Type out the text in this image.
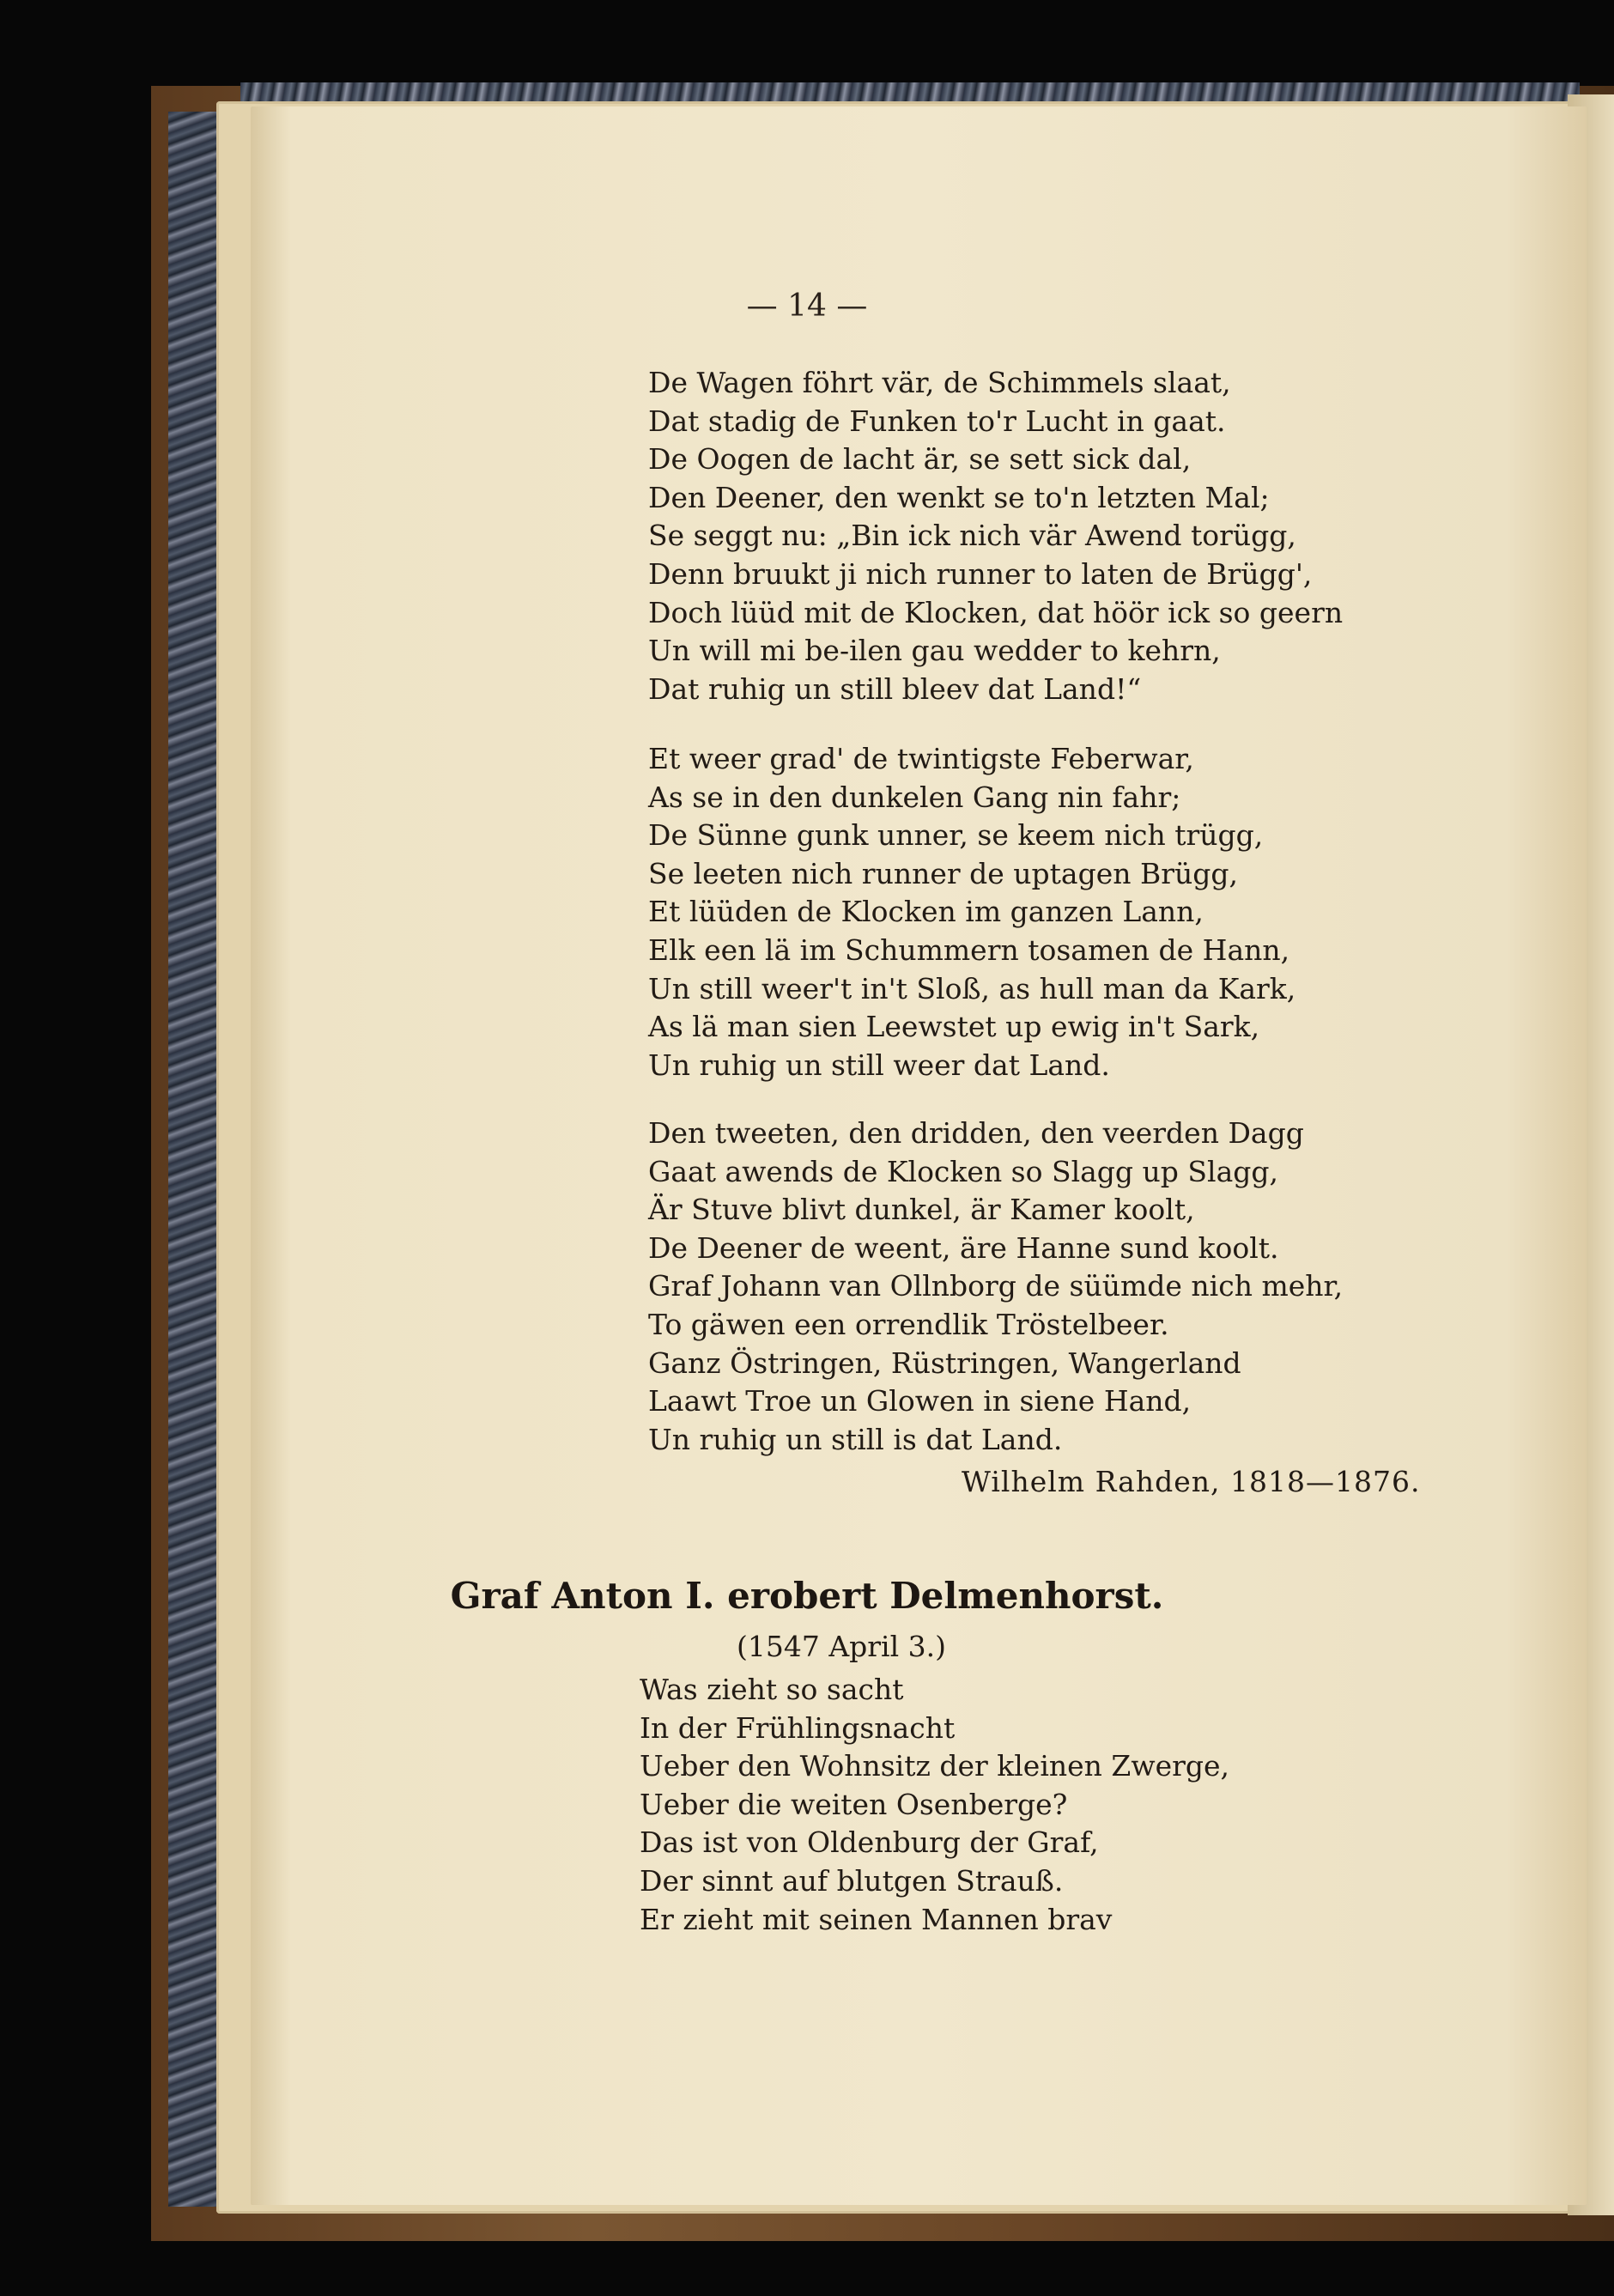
— 14 —
De Wagen föhrt vär, de Schimmels slaat,
Dat stadig de Funken to'r Lucht in gaat.
De Oogen de lacht är, se sett sick dal,
Den Deener, den wenkt se to'n letzten Mal;
Se seggt nu: „Bin ick nich vär Awend torügg,
Denn bruukt ji nich runner to laten de Brügg',
Doch lüüd mit de Klocken, dat höör ick so geern
Un will mi be-ilen gau wedder to kehrn,
Dat ruhig un still bleev dat Land!“
Et weer grad' de twintigste Feberwar,
As se in den dunkelen Gang nin fahr;
De Sünne gunk unner, se keem nich trügg,
Se leeten nich runner de uptagen Brügg,
Et lüüden de Klocken im ganzen Lann,
Elk een lä im Schummern tosamen de Hann,
Un still weer't in't Sloß, as hull man da Kark,
As lä man sien Leewstet up ewig in't Sark,
Un ruhig un still weer dat Land.
Den tweeten, den dridden, den veerden Dagg
Gaat awends de Klocken so Slagg up Slagg,
Är Stuve blivt dunkel, är Kamer koolt,
De Deener de weent, äre Hanne sund koolt.
Graf Johann van Ollnborg de süümde nich mehr,
To gäwen een orrendlik Tröstelbeer.
Ganz Östringen, Rüstringen, Wangerland
Laawt Troe un Glowen in siene Hand,
Un ruhig un still is dat Land.
Wilhelm Rahden, 1818—1876.
Graf Anton I. erobert Delmenhorst.
(1547 April 3.)
Was zieht so sacht
In der Frühlingsnacht
Ueber den Wohnsitz der kleinen Zwerge,
Ueber die weiten Osenberge?
Das ist von Oldenburg der Graf,
Der sinnt auf blutgen Strauß.
Er zieht mit seinen Mannen brav
